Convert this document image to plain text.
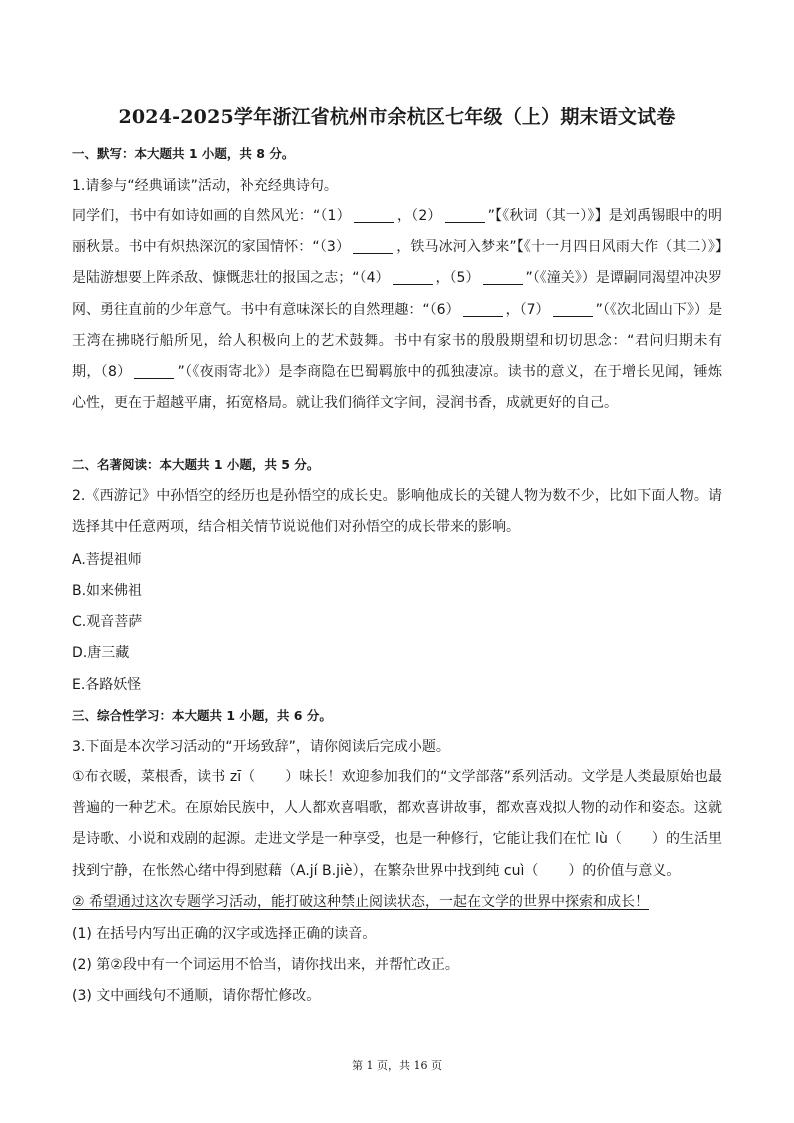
2024-2025学年浙江省杭州市余杭区七年级（上）期末语文试卷
一、默写：本大题共 1 小题，共 8 分。
1.请参与“经典诵读”活动，补充经典诗句。
同学们，书中有如诗如画的自然风光：“（1）	，（2）	”【《秋词（其一）》】是刘禹锡眼中的明丽秋景。书中有炽热深沉的家国情怀：“（3）	，铁马冰河入梦来”【《十一月四日风雨大作（其二）》】是陆游想要上阵杀敌、慷慨悲壮的报国之志；“（4）	，（5）	”（《潼关》）是谭嗣同渴望冲决罗网、勇往直前的少年意气。书中有意味深长的自然理趣：“（6）	，（7）	”（《次北固山下》）是王湾在拂晓行船所见，给人积极向上的艺术鼓舞。书中有家书的殷殷期望和切切思念：“君问归期未有期，（8）	”（《夜雨寄北》）是李商隐在巴蜀羁旅中的孤独凄凉。读书的意义，在于增长见闻，锤炼心性，更在于超越平庸，拓宽格局。就让我们徜徉文字间，浸润书香，成就更好的自己。
二、名著阅读：本大题共 1 小题，共 5 分。
2.《西游记》中孙悟空的经历也是孙悟空的成长史。影响他成长的关键人物为数不少，比如下面人物。请选择其中任意两项，结合相关情节说说他们对孙悟空的成长带来的影响。
A.菩提祖师
B.如来佛祖
C.观音菩萨
D.唐三藏
E.各路妖怪
三、综合性学习：本大题共 1 小题，共 6 分。
3.下面是本次学习活动的“开场致辞”，请你阅读后完成小题。
①布衣暖，菜根香，读书 zī（ ）味长！欢迎参加我们的“文学部落”系列活动。文学是人类最原始也最普遍的一种艺术。在原始民族中，人人都欢喜唱歌，都欢喜讲故事，都欢喜戏拟人物的动作和姿态。这就是诗歌、小说和戏剧的起源。走进文学是一种享受，也是一种修行，它能让我们在忙 lù（ ）的生活里找到宁静，在怅然心绪中得到慰藉（A.jí B.jiè），在繁杂世界中找到纯 cuì（ ）的价值与意义。
② 希望通过这次专题学习活动，能打破这种禁止阅读状态，一起在文学的世界中探索和成长！
(1) 在括号内写出正确的汉字或选择正确的读音。
(2) 第②段中有一个词运用不恰当，请你找出来，并帮忙改正。
(3) 文中画线句不通顺，请你帮忙修改。
第 1 页，共 16 页
